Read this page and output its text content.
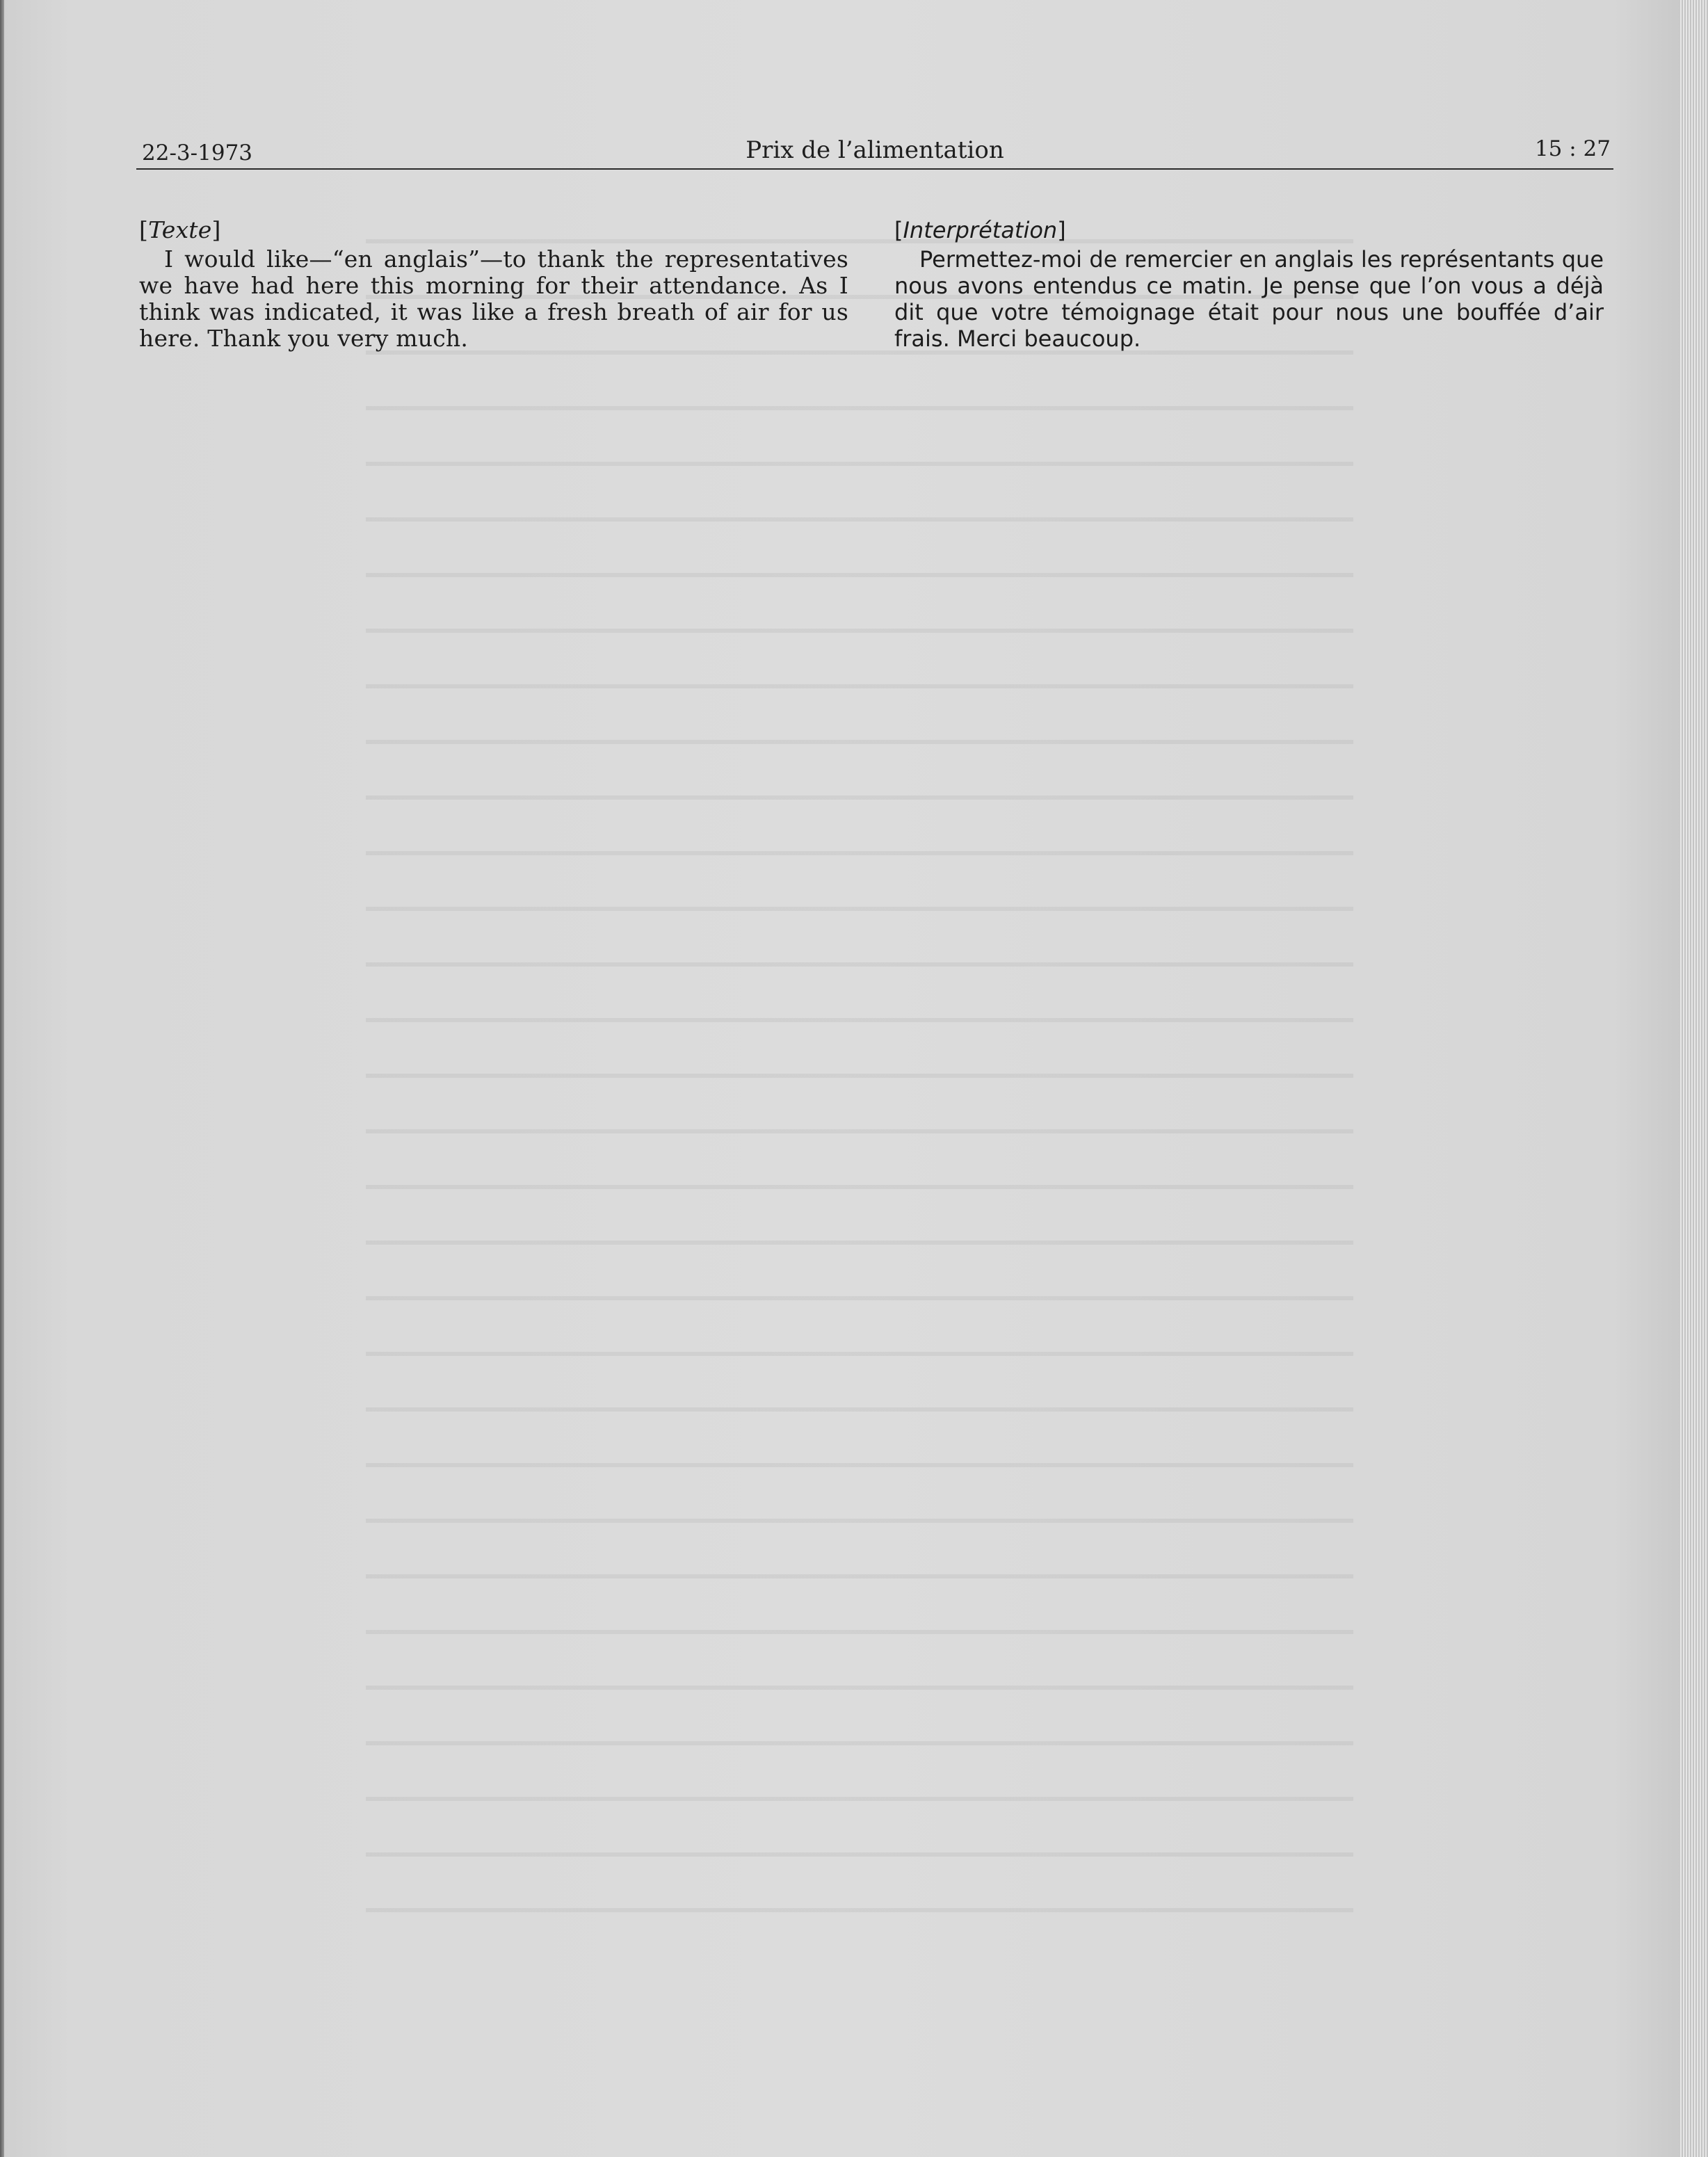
22-3-1973	Prix de l’alimentation	15 : 27
[Texte]

I would like—“en anglais”—to thank the representatives we have had here this morning for their attendance. As I think was indicated, it was like a fresh breath of air for us here. Thank you very much.

[Interprétation]

Permettez-moi de remercier en anglais les représentants que nous avons entendus ce matin. Je pense que l’on vous a déjà dit que votre témoignage était pour nous une bouffée d’air frais. Merci beaucoup.
